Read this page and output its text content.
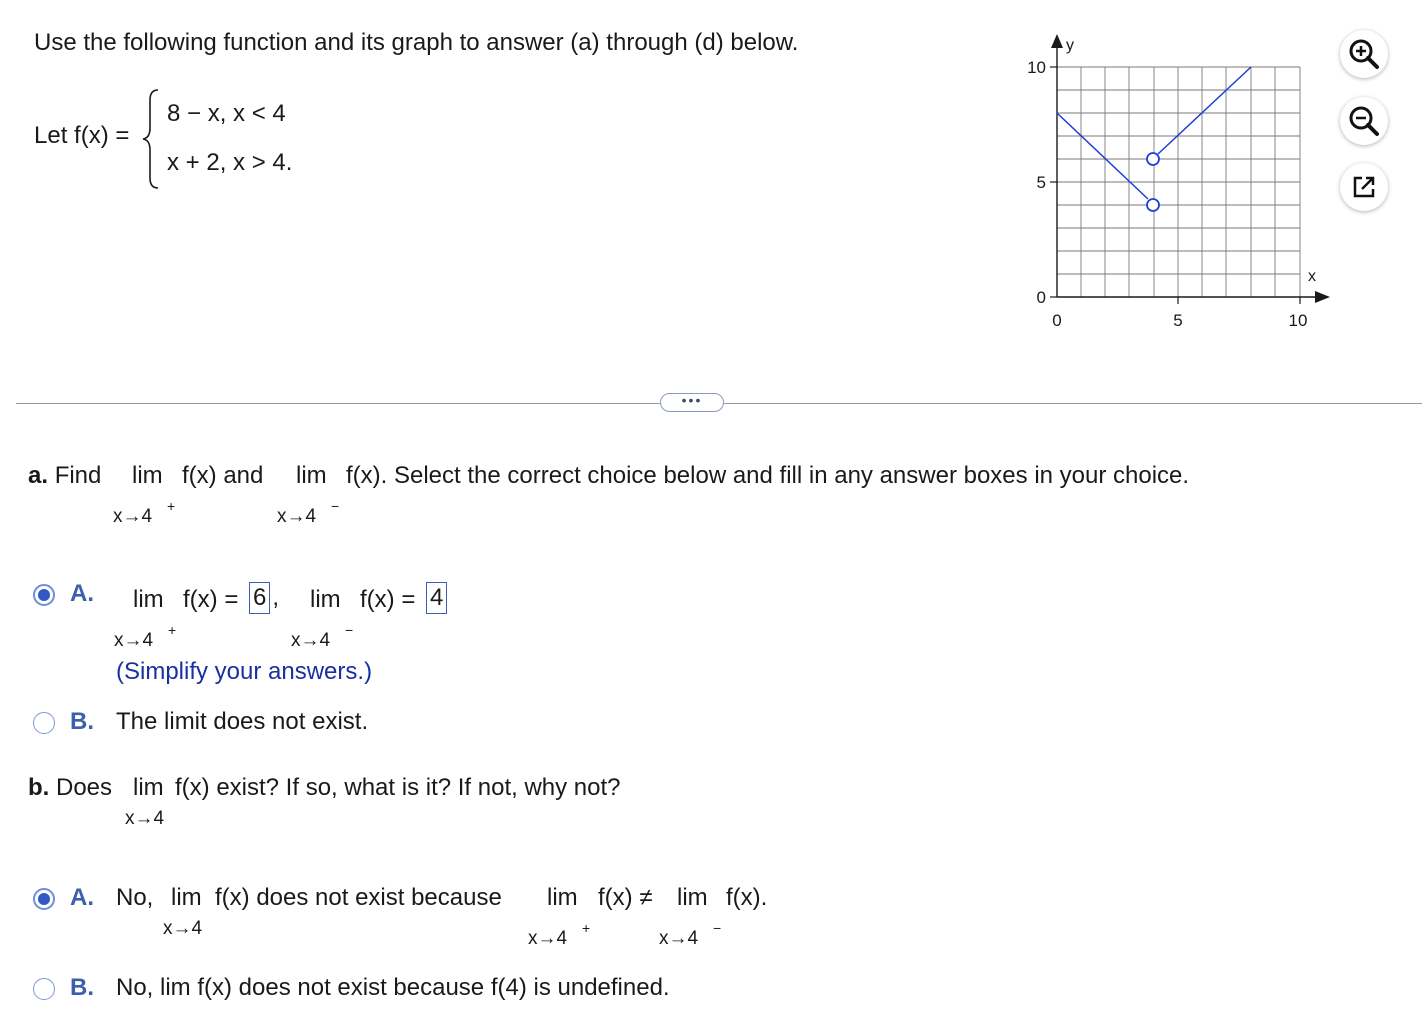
Use the following function and its graph to answer (a) through (d) below.
Let f(x) =
8 − x, x < 4
x + 2, x > 4.
y
x
10
5
0
0	5	10
•••
a. Find lim f(x) and
x→4 +
lim f(x). Select the correct choice below and fill in any answer boxes in your choice.
x→4 −
A. lim f(x) = 6 ,
x→4 +
lim f(x) = 4
x→4 −
(Simplify your answers.)
B. The limit does not exist.
b. Does lim f(x) exist? If so, what is it? If not, why not?
x→4
A. No, lim f(x) does not exist because
x→4
lim f(x) ≠
x→4 +
lim f(x).
x→4 −
B. No, lim f(x) does not exist because f(4) is undefined.
